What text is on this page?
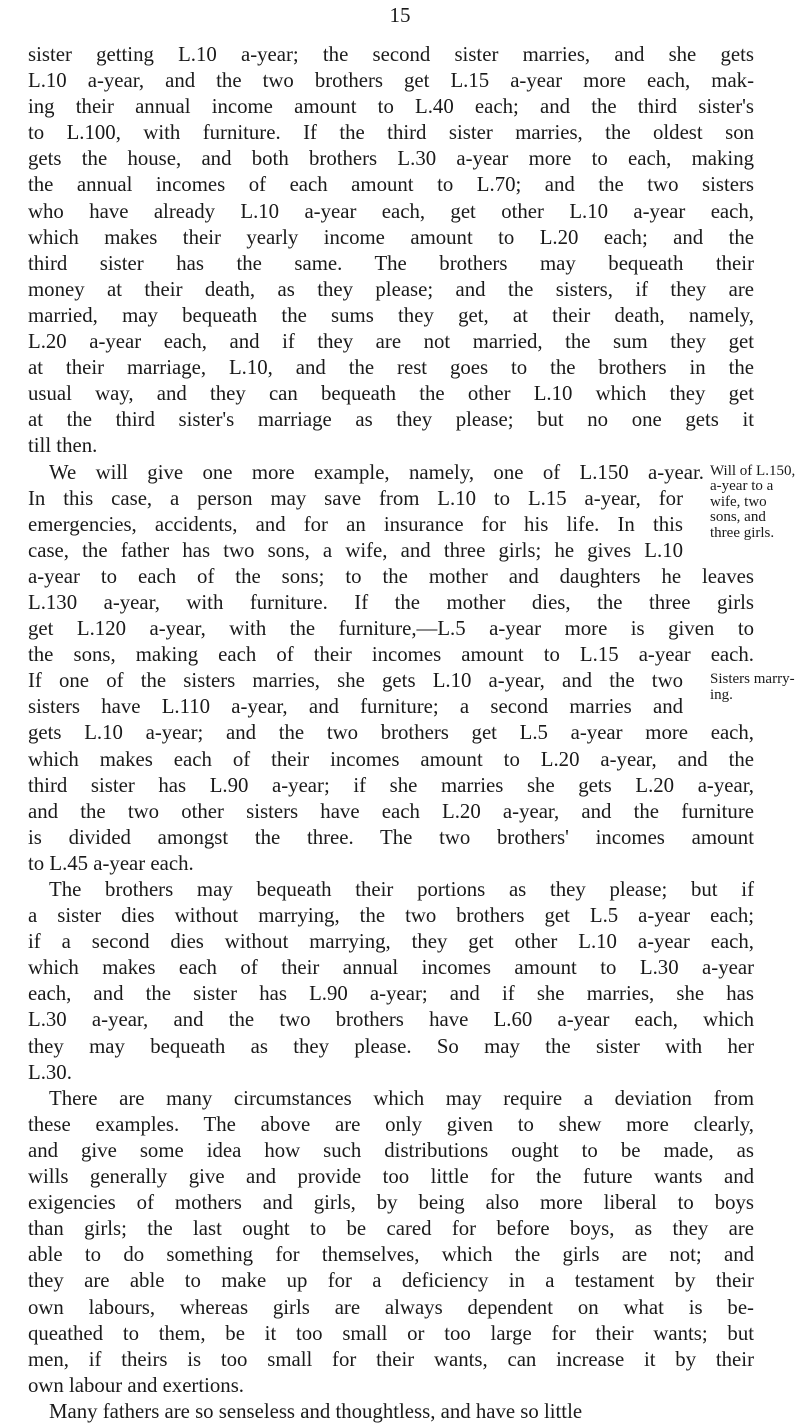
15
sister getting L.10 a-year; the second sister marries, and she gets
L.10 a-year, and the two brothers get L.15 a-year more each, mak-
ing their annual income amount to L.40 each; and the third sister's
to L.100, with furniture. If the third sister marries, the oldest son
gets the house, and both brothers L.30 a-year more to each, making
the annual incomes of each amount to L.70; and the two sisters
who have already L.10 a-year each, get other L.10 a-year each,
which makes their yearly income amount to L.20 each; and the
third sister has the same. The brothers may bequeath their
money at their death, as they please; and the sisters, if they are
married, may bequeath the sums they get, at their death, namely,
L.20 a-year each, and if they are not married, the sum they get
at their marriage, L.10, and the rest goes to the brothers in the
usual way, and they can bequeath the other L.10 which they get
at the third sister's marriage as they please; but no one gets it
till then.
We will give one more example, namely, one of L.150 a-year.
In this case, a person may save from L.10 to L.15 a-year, for
emergencies, accidents, and for an insurance for his life. In this
case, the father has two sons, a wife, and three girls; he gives L.10
a-year to each of the sons; to the mother and daughters he leaves
L.130 a-year, with furniture. If the mother dies, the three girls
get L.120 a-year, with the furniture,—L.5 a-year more is given to
the sons, making each of their incomes amount to L.15 a-year each.
If one of the sisters marries, she gets L.10 a-year, and the two
sisters have L.110 a-year, and furniture; a second marries and
gets L.10 a-year; and the two brothers get L.5 a-year more each,
which makes each of their incomes amount to L.20 a-year, and the
third sister has L.90 a-year; if she marries she gets L.20 a-year,
and the two other sisters have each L.20 a-year, and the furniture
is divided amongst the three. The two brothers' incomes amount
to L.45 a-year each.
The brothers may bequeath their portions as they please; but if
a sister dies without marrying, the two brothers get L.5 a-year each;
if a second dies without marrying, they get other L.10 a-year each,
which makes each of their annual incomes amount to L.30 a-year
each, and the sister has L.90 a-year; and if she marries, she has
L.30 a-year, and the two brothers have L.60 a-year each, which
they may bequeath as they please. So may the sister with her
L.30.
There are many circumstances which may require a deviation from
these examples. The above are only given to shew more clearly,
and give some idea how such distributions ought to be made, as
wills generally give and provide too little for the future wants and
exigencies of mothers and girls, by being also more liberal to boys
than girls; the last ought to be cared for before boys, as they are
able to do something for themselves, which the girls are not; and
they are able to make up for a deficiency in a testament by their
own labours, whereas girls are always dependent on what is be-
queathed to them, be it too small or too large for their wants; but
men, if theirs is too small for their wants, can increase it by their
own labour and exertions.
Many fathers are so senseless and thoughtless, and have so little
Will of L.150,
a-year to a
wife, two
sons, and
three girls.
Sisters marry-
ing.
